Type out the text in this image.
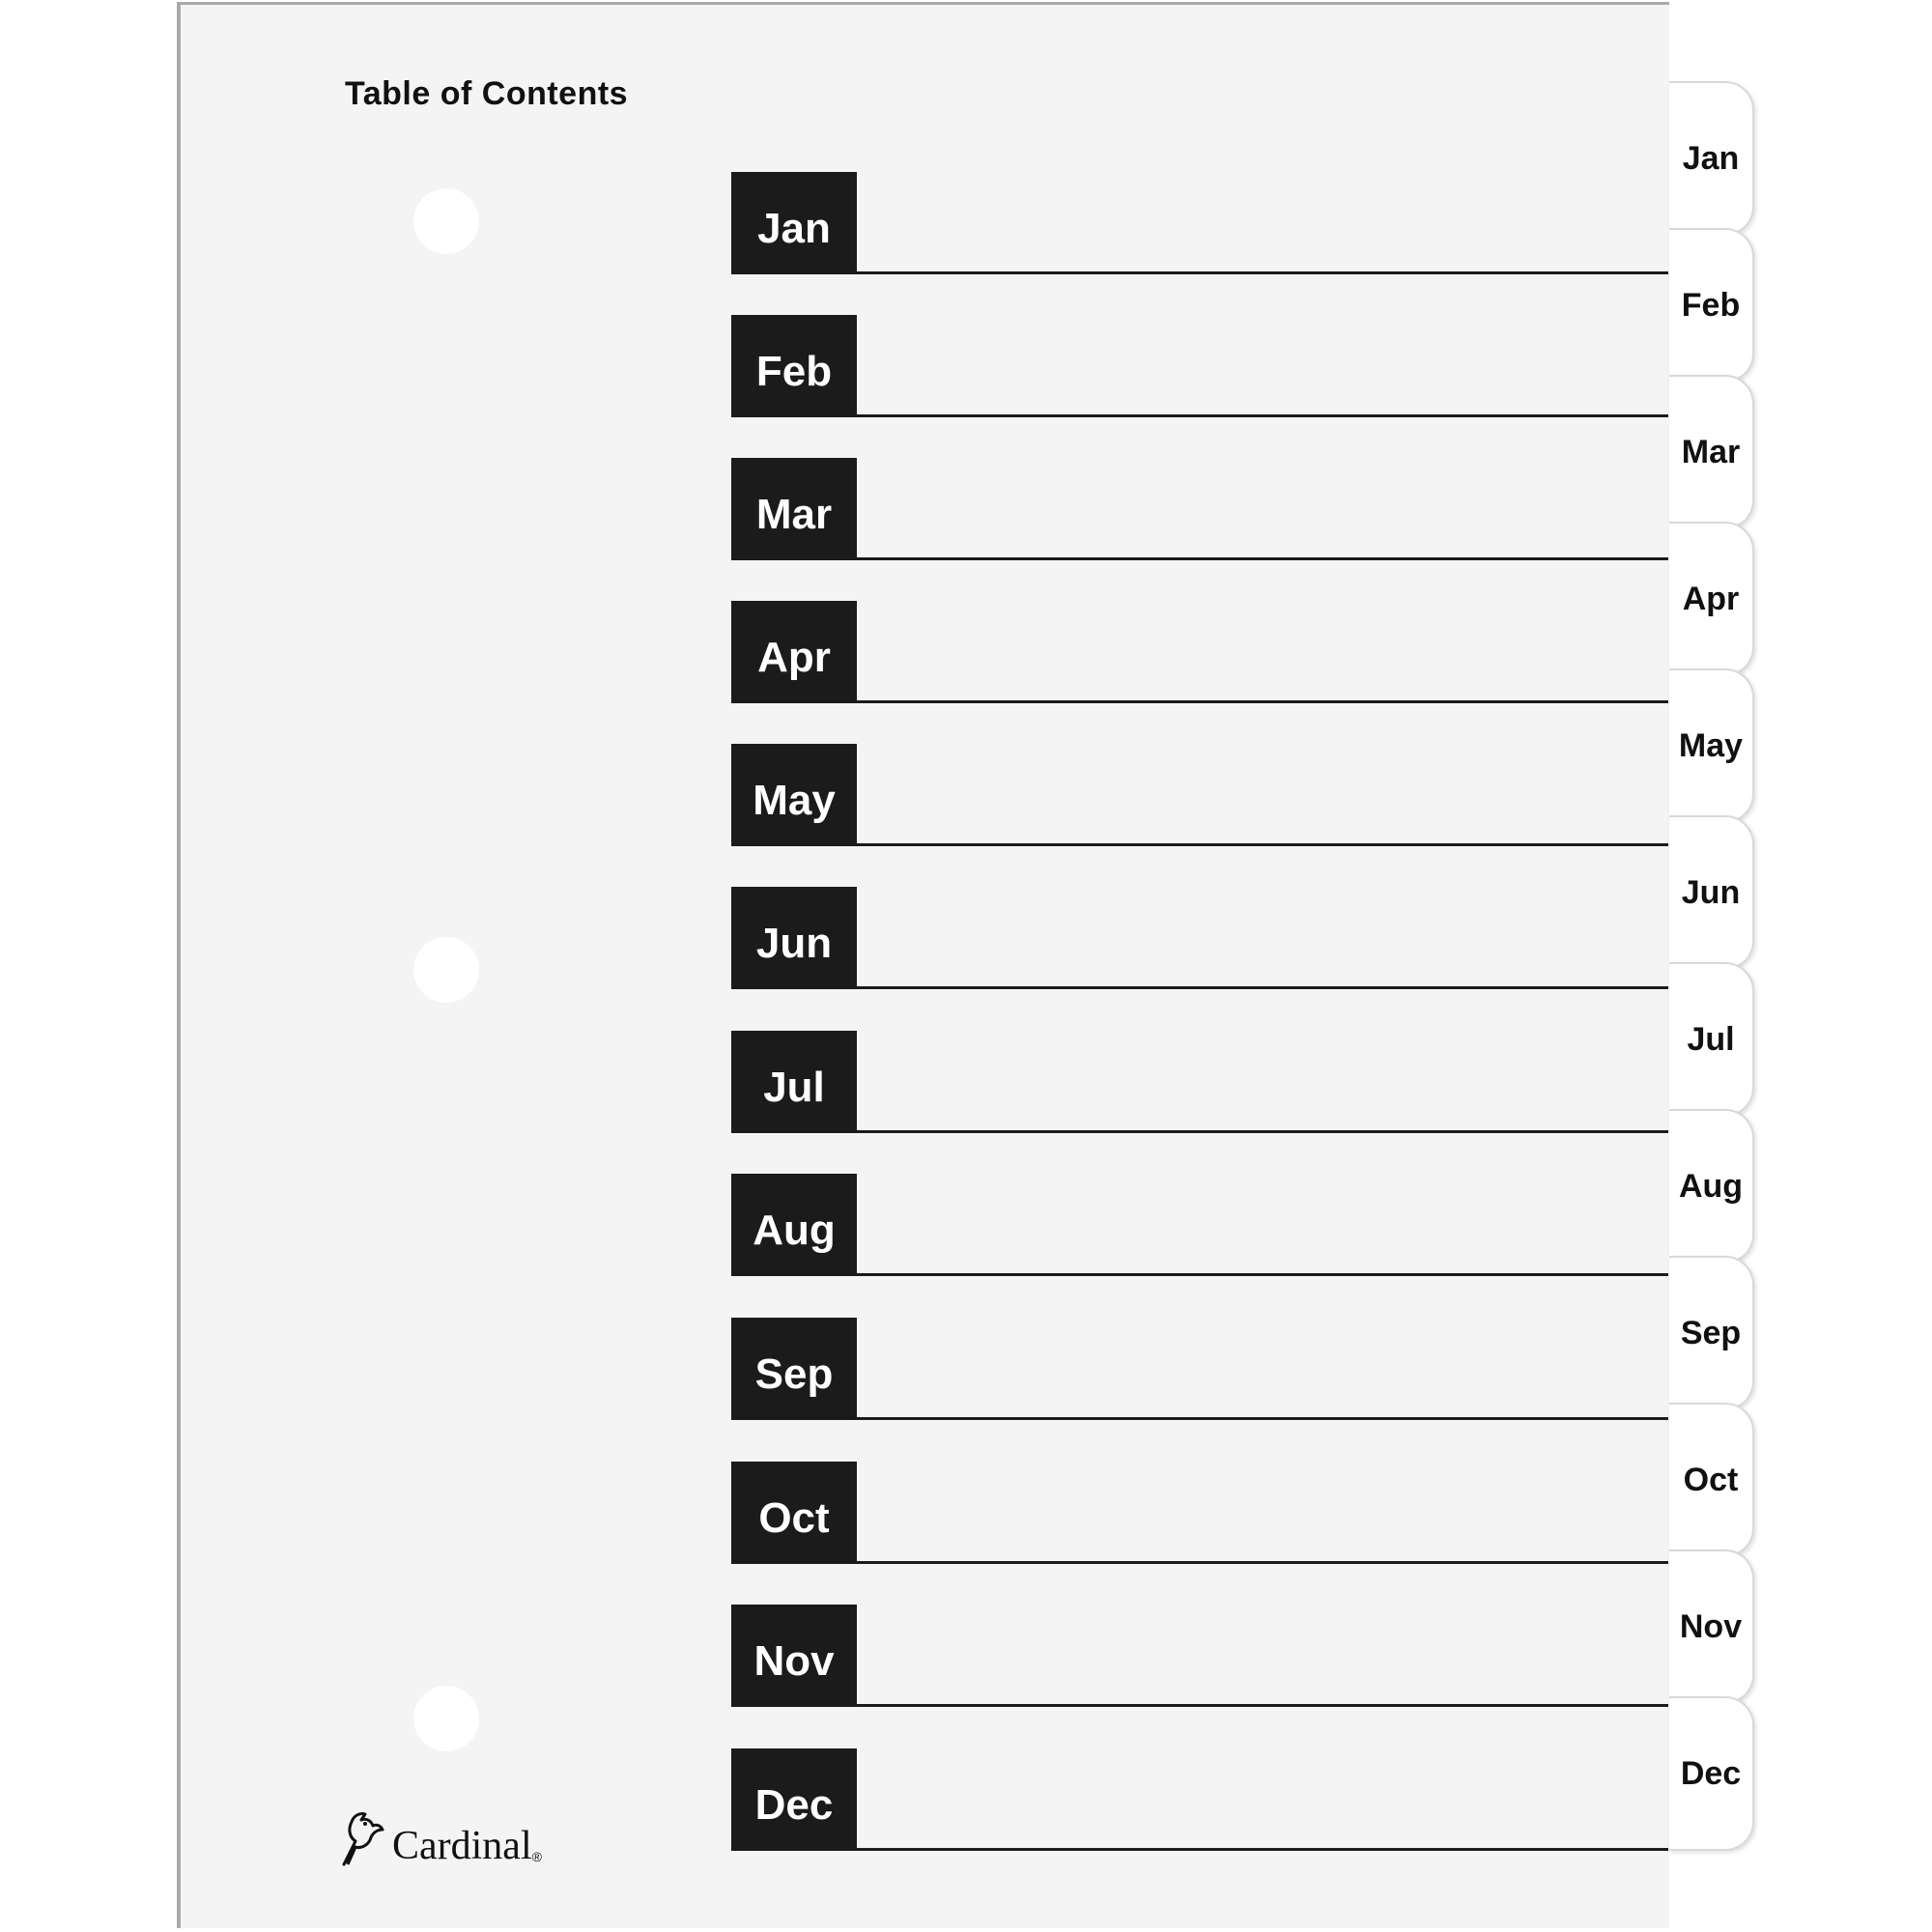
Table of Contents
Jan
Feb
Mar
Apr
May
Jun
Jul
Aug
Sep
Oct
Nov
Dec
Jan
Feb
Mar
Apr
May
Jun
Jul
Aug
Sep
Oct
Nov
Dec
Cardinal ®
